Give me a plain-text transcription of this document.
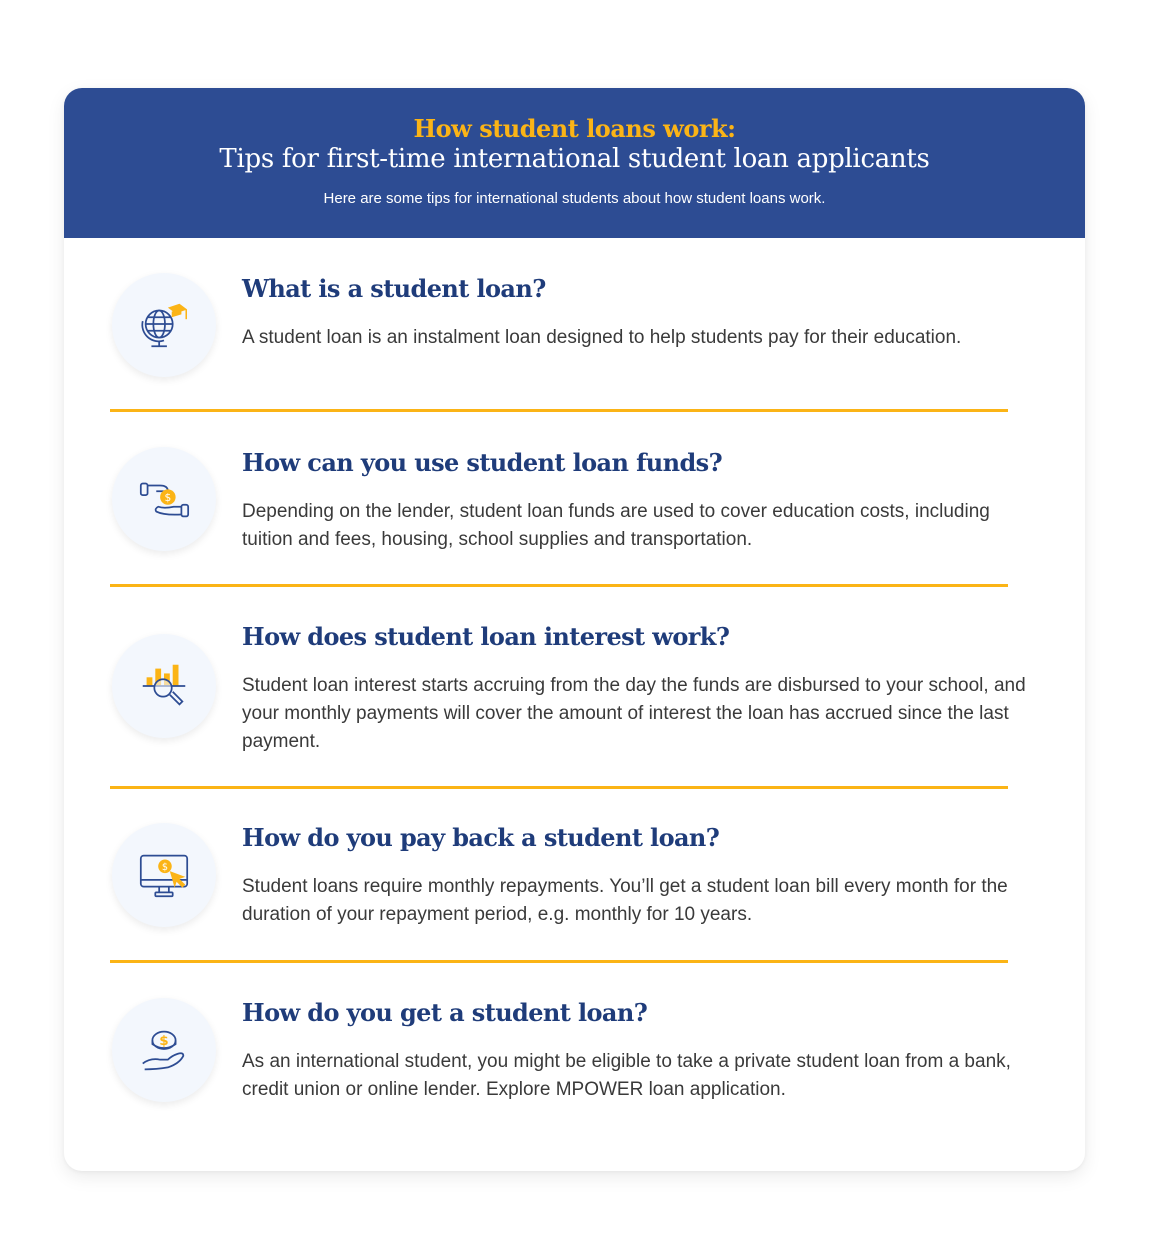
How student loans work:
Tips for first-time international student loan applicants
Here are some tips for international students about how student loans work.
What is a student loan?
A student loan is an instalment loan designed to help students pay for their education.
$
How can you use student loan funds?
Depending on the lender, student loan funds are used to cover education costs, including tuition and fees, housing, school supplies and transportation.
How does student loan interest work?
Student loan interest starts accruing from the day the funds are disbursed to your school, and your monthly payments will cover the amount of interest the loan has accrued since the last payment.
$
How do you pay back a student loan?
Student loans require monthly repayments. You’ll get a student loan bill every month for the duration of your repayment period, e.g. monthly for 10 years.
$
How do you get a student loan?
As an international student, you might be eligible to take a private student loan from a bank, credit union or online lender. Explore MPOWER loan application.
